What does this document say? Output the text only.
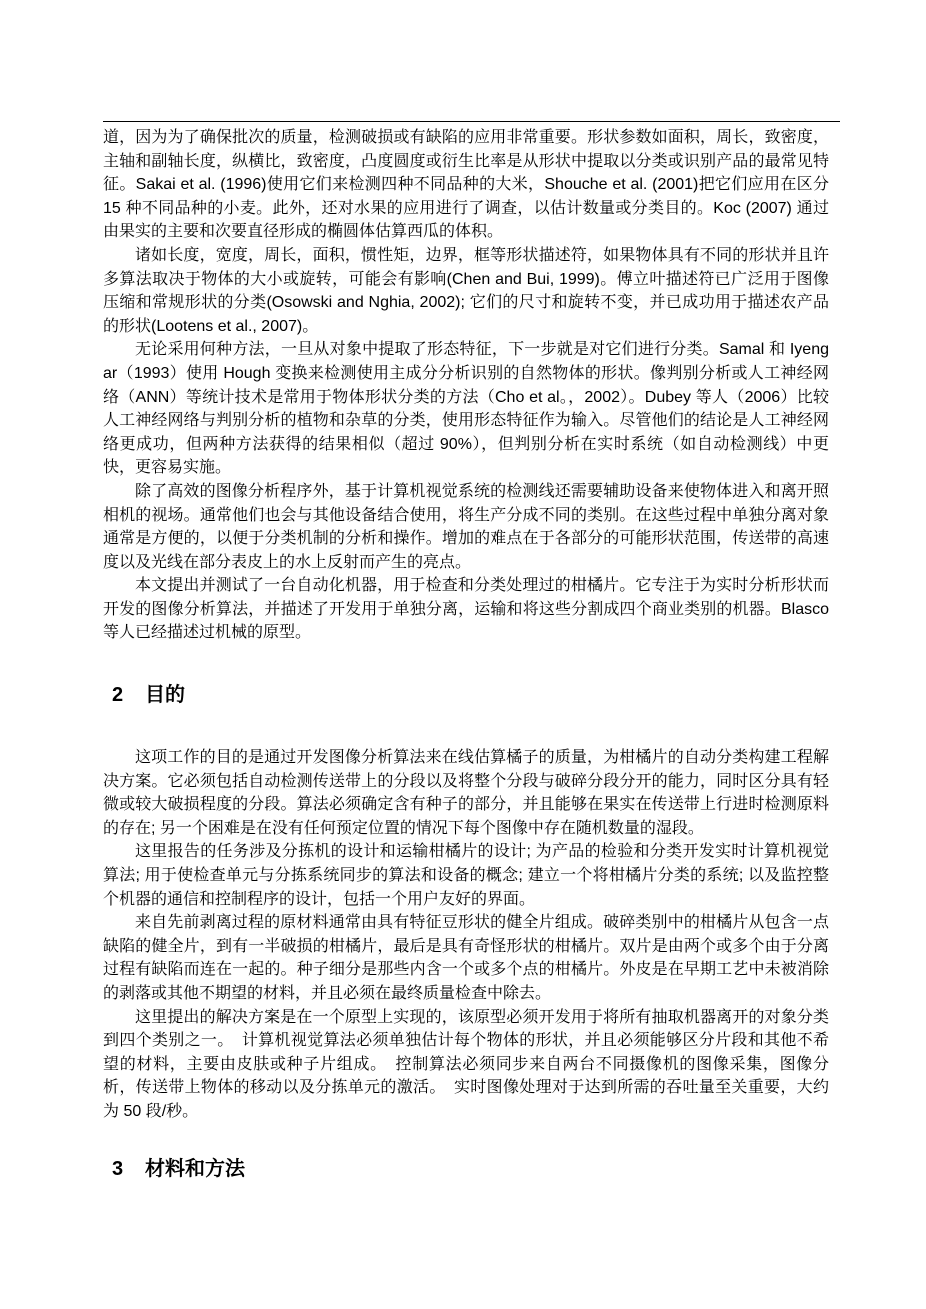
道，因为为了确保批次的质量，检测破损或有缺陷的应用非常重要。形状参数如面积，周长，致密度，主轴和副轴长度，纵横比，致密度，凸度圆度或衍生比率是从形状中提取以分类或识别产品的最常见特征。Sakai et al. (1996)使用它们来检测四种不同品种的大米，Shouche et al. (2001)把它们应用在区分 15 种不同品种的小麦。此外，还对水果的应用进行了调查，以估计数量或分类目的。Koc (2007) 通过由果实的主要和次要直径形成的椭圆体估算西瓜的体积。

诸如长度，宽度，周长，面积，惯性矩，边界，框等形状描述符，如果物体具有不同的形状并且许多算法取决于物体的大小或旋转，可能会有影响(Chen and Bui, 1999)。傅立叶描述符已广泛用于图像压缩和常规形状的分类(Osowski and Nghia, 2002); 它们的尺寸和旋转不变，并已成功用于描述农产品的形状(Lootens et al., 2007)。

无论采用何种方法，一旦从对象中提取了形态特征，下一步就是对它们进行分类。Samal 和 Iyengar（1993）使用 Hough 变换来检测使用主成分分析识别的自然物体的形状。像判别分析或人工神经网络（ANN）等统计技术是常用于物体形状分类的方法（Cho et al。，2002）。Dubey 等人（2006）比较人工神经网络与判别分析的植物和杂草的分类，使用形态特征作为输入。尽管他们的结论是人工神经网络更成功，但两种方法获得的结果相似（超过 90%），但判别分析在实时系统（如自动检测线）中更快，更容易实施。

除了高效的图像分析程序外，基于计算机视觉系统的检测线还需要辅助设备来使物体进入和离开照相机的视场。通常他们也会与其他设备结合使用，将生产分成不同的类别。在这些过程中单独分离对象通常是方便的，以便于分类机制的分析和操作。增加的难点在于各部分的可能形状范围，传送带的高速度以及光线在部分表皮上的水上反射而产生的亮点。

本文提出并测试了一台自动化机器，用于检查和分类处理过的柑橘片。它专注于为实时分析形状而开发的图像分析算法，并描述了开发用于单独分离，运输和将这些分割成四个商业类别的机器。Blasco 等人已经描述过机械的原型。

2 目的

这项工作的目的是通过开发图像分析算法来在线估算橘子的质量，为柑橘片的自动分类构建工程解决方案。它必须包括自动检测传送带上的分段以及将整个分段与破碎分段分开的能力，同时区分具有轻微或较大破损程度的分段。算法必须确定含有种子的部分，并且能够在果实在传送带上行进时检测原料的存在; 另一个困难是在没有任何预定位置的情况下每个图像中存在随机数量的湿段。

这里报告的任务涉及分拣机的设计和运输柑橘片的设计; 为产品的检验和分类开发实时计算机视觉算法; 用于使检查单元与分拣系统同步的算法和设备的概念; 建立一个将柑橘片分类的系统; 以及监控整个机器的通信和控制程序的设计，包括一个用户友好的界面。

来自先前剥离过程的原材料通常由具有特征豆形状的健全片组成。破碎类别中的柑橘片从包含一点缺陷的健全片，到有一半破损的柑橘片，最后是具有奇怪形状的柑橘片。双片是由两个或多个由于分离过程有缺陷而连在一起的。种子细分是那些内含一个或多个点的柑橘片。外皮是在早期工艺中未被消除的剥落或其他不期望的材料，并且必须在最终质量检查中除去。

这里提出的解决方案是在一个原型上实现的，该原型必须开发用于将所有抽取机器离开的对象分类到四个类别之一。　计算机视觉算法必须单独估计每个物体的形状，并且必须能够区分片段和其他不希望的材料，主要由皮肤或种子片组成。　控制算法必须同步来自两台不同摄像机的图像采集，图像分析，传送带上物体的移动以及分拣单元的激活。　实时图像处理对于达到所需的吞吐量至关重要，大约为 50 段/秒。

3 材料和方法
